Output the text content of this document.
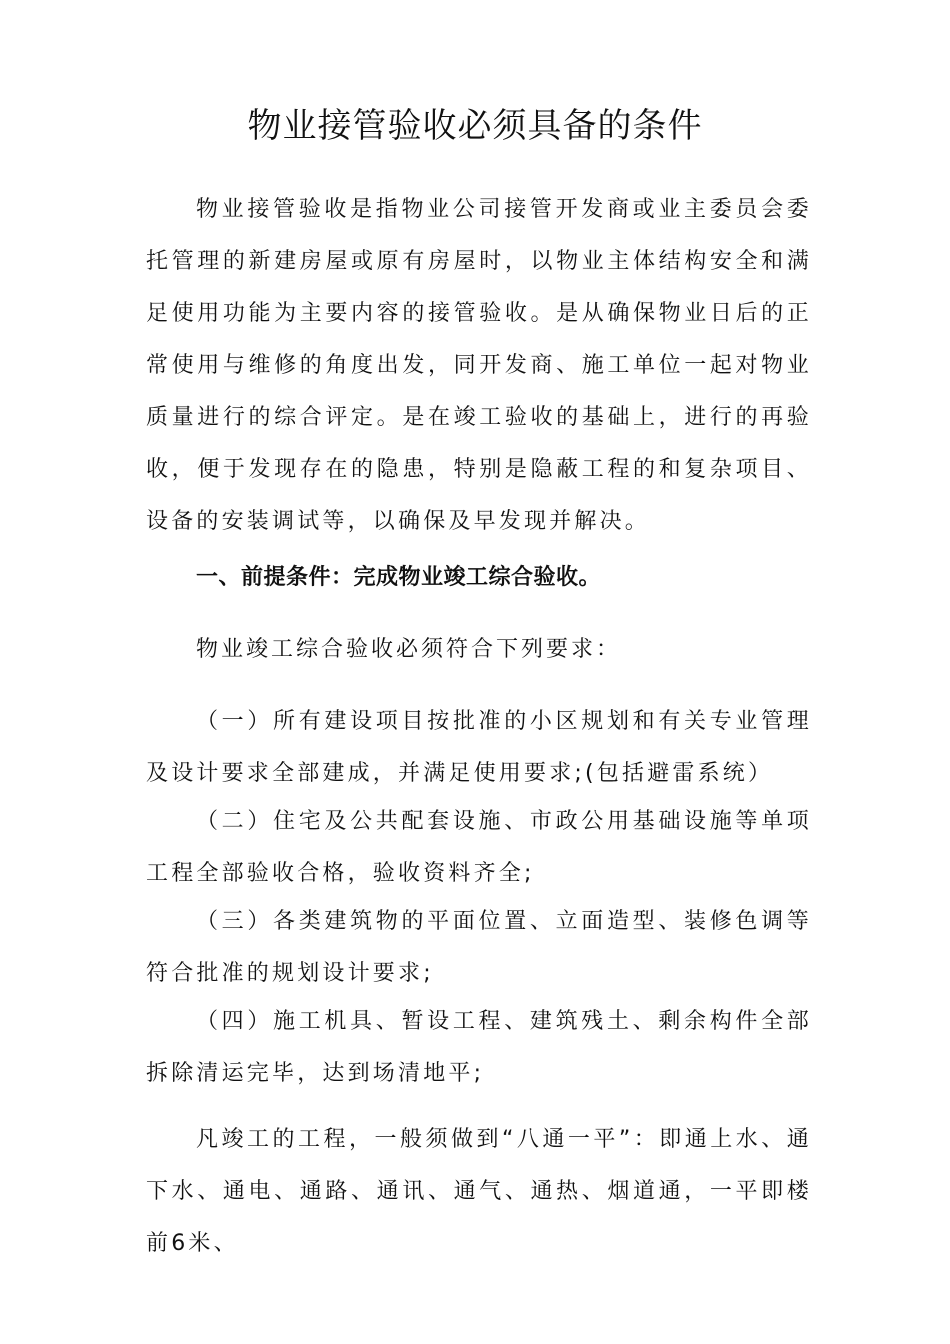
物业接管验收必须具备的条件

物业接管验收是指物业公司接管开发商或业主委员会委托管理的新建房屋或原有房屋时，以物业主体结构安全和满足使用功能为主要内容的接管验收。是从确保物业日后的正常使用与维修的角度出发，同开发商、施工单位一起对物业质量进行的综合评定。是在竣工验收的基础上，进行的再验收，便于发现存在的隐患，特别是隐蔽工程的和复杂项目、设备的安装调试等，以确保及早发现并解决。

一、前提条件：完成物业竣工综合验收。

物业竣工综合验收必须符合下列要求：

（一）所有建设项目按批准的小区规划和有关专业管理及设计要求全部建成，并满足使用要求;(包括避雷系统）

（二）住宅及公共配套设施、市政公用基础设施等单项工程全部验收合格，验收资料齐全;

（三）各类建筑物的平面位置、立面造型、装修色调等符合批准的规划设计要求;

（四）施工机具、暂设工程、建筑残土、剩余构件全部拆除清运完毕，达到场清地平;

凡竣工的工程，一般须做到“八通一平”：即通上水、通下水、通电、通路、通讯、通气、通热、烟道通，一平即楼前6米、
